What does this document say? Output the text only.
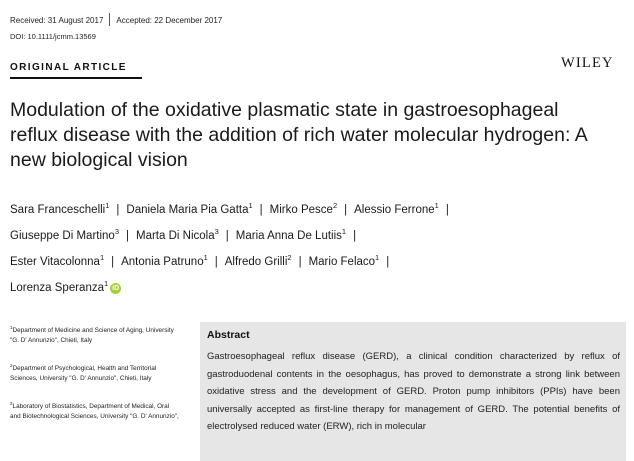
Received: 31 August 2017 Accepted: 22 December 2017
DOI: 10.1111/jcmm.13569
ORIGINAL ARTICLE	WILEY
Modulation of the oxidative plasmatic state in gastroesophageal reflux disease with the addition of rich water molecular hydrogen: A new biological vision
Sara Franceschelli$^1$ | Daniela Maria Pia Gatta$^1$ | Mirko Pesce$^2$ | Alessio Ferrone$^1$ |
Giuseppe Di Martino$^3$ | Marta Di Nicola$^3$ | Maria Anna De Lutiis$^1$ |
Ester Vitacolonna$^1$ | Antonia Patruno$^1$ | Alfredo Grilli$^2$ | Mario Felaco$^1$ |
Lorenza Speranza$^1$iD
$^1$Department of Medicine and Science of Aging, University "G. D' Annunzio", Chieti, Italy
$^2$Department of Psychological, Health and Territorial Sciences, University "G. D' Annunzio", Chieti, Italy
$^3$Laboratory of Biostatistics, Department of Medical, Oral and Biotechnological Sciences, University "G. D' Annunzio",
Abstract

Gastroesophageal reflux disease (GERD), a clinical condition characterized by reflux of gastroduodenal contents in the oesophagus, has proved to demonstrate a strong link between oxidative stress and the development of GERD. Proton pump inhibitors (PPIs) have been universally accepted as first-line therapy for management of GERD. The potential benefits of electrolysed reduced water (ERW), rich in molecular
